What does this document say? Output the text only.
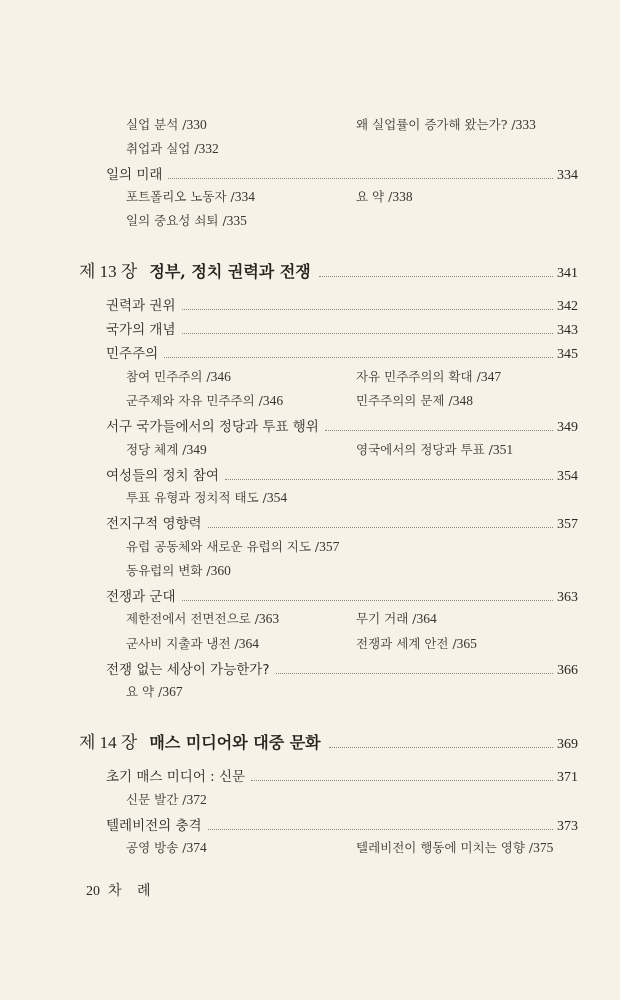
실업 분석 / 330	왜 실업률이 증가해 왔는가? / 333
취업과 실업 / 332
일의 미래	334
포트폴리오 노동자 / 334	요 약 / 338
일의 중요성 쇠퇴 / 335
제 13 장 정부, 정치 권력과 전쟁	341
권력과 권위	342
국가의 개념	343
민주주의	345
참여 민주주의 / 346	자유 민주주의의 확대 / 347
군주제와 자유 민주주의 / 346	민주주의의 문제 / 348
서구 국가들에서의 정당과 투표 행위	349
정당 체계 / 349	영국에서의 정당과 투표 / 351
여성들의 정치 참여	354
투표 유형과 정치적 태도 / 354
전지구적 영향력	357
유럽 공동체와 새로운 유럽의 지도 / 357
동유럽의 변화 / 360
전쟁과 군대	363
제한전에서 전면전으로 / 363	무기 거래 / 364
군사비 지출과 냉전 / 364	전쟁과 세계 안전 / 365
전쟁 없는 세상이 가능한가?	366
요 약 / 367
제 14 장 매스 미디어와 대중 문화	369
초기 매스 미디어 : 신문	371
신문 발간 / 372
텔레비전의 충격	373
공영 방송 / 374	텔레비전이 행동에 미치는 영향 / 375
20 차 례
